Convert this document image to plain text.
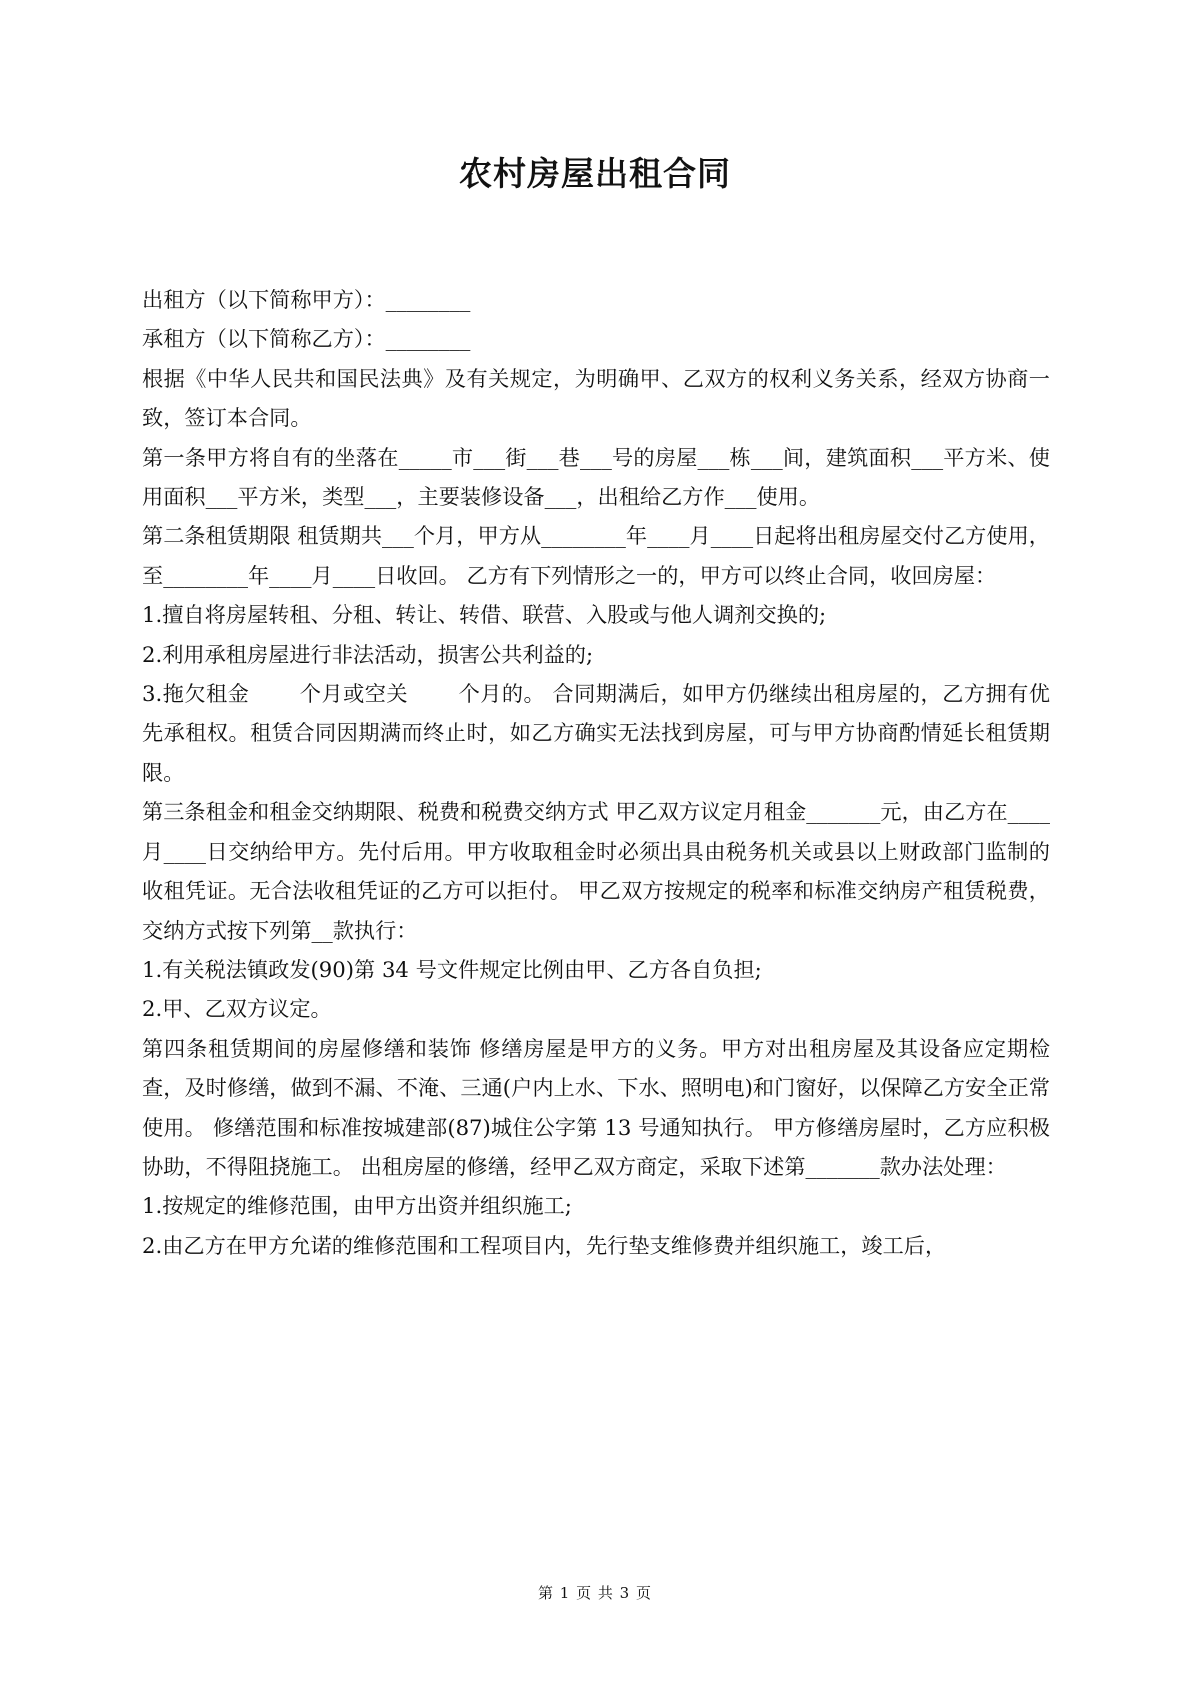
农村房屋出租合同

出租方（以下简称甲方）：________

承租方（以下简称乙方）：________

根据《中华人民共和国民法典》及有关规定，为明确甲、乙双方的权利义务关系，经双方协商一致，签订本合同。

第一条甲方将自有的坐落在_____市___街___巷___号的房屋___栋___间，建筑面积___平方米、使用面积___平方米，类型___，主要装修设备___，出租给乙方作___使用。

第二条租赁期限 租赁期共___个月，甲方从________年____月____日起将出租房屋交付乙方使用，至________年____月____日收回。 乙方有下列情形之一的，甲方可以终止合同，收回房屋：

1.擅自将房屋转租、分租、转让、转借、联营、入股或与他人调剂交换的;

2.利用承租房屋进行非法活动，损害公共利益的;

3.拖欠租金　　 个月或空关　　 个月的。 合同期满后，如甲方仍继续出租房屋的，乙方拥有优先承租权。租赁合同因期满而终止时，如乙方确实无法找到房屋，可与甲方协商酌情延长租赁期限。

第三条租金和租金交纳期限、税费和税费交纳方式 甲乙双方议定月租金_______元，由乙方在____月____日交纳给甲方。先付后用。甲方收取租金时必须出具由税务机关或县以上财政部门监制的收租凭证。无合法收租凭证的乙方可以拒付。 甲乙双方按规定的税率和标准交纳房产租赁税费，交纳方式按下列第__款执行：

1.有关税法镇政发(90)第 34 号文件规定比例由甲、乙方各自负担;

2.甲、乙双方议定。

第四条租赁期间的房屋修缮和装饰 修缮房屋是甲方的义务。甲方对出租房屋及其设备应定期检查，及时修缮，做到不漏、不淹、三通(户内上水、下水、照明电)和门窗好，以保障乙方安全正常使用。 修缮范围和标准按城建部(87)城住公字第 13 号通知执行。 甲方修缮房屋时，乙方应积极协助，不得阻挠施工。 出租房屋的修缮，经甲乙双方商定，采取下述第_______款办法处理：

1.按规定的维修范围，由甲方出资并组织施工;

2.由乙方在甲方允诺的维修范围和工程项目内，先行垫支维修费并组织施工，竣工后，

第 1 页 共 3 页
